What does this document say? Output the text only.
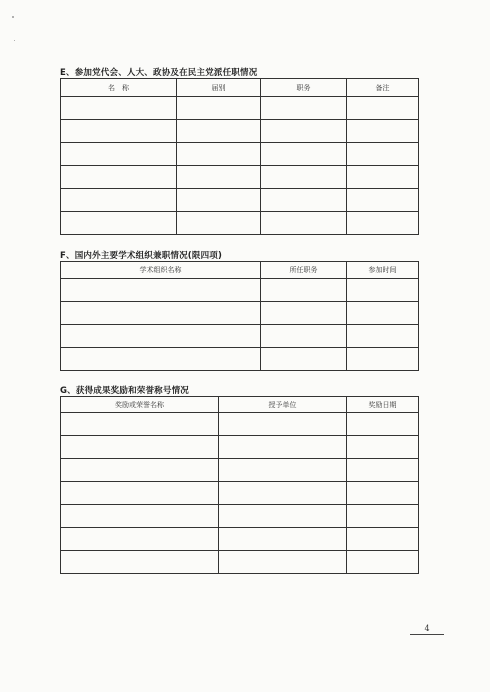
E、参加党代会、人大、政协及在民主党派任职情况
名　称	届别	职务	备注

F、国内外主要学术组织兼职情况(限四项)
学术组织名称	所任职务	参加时间

G、获得成果奖励和荣誉称号情况
奖励或荣誉名称	授予单位	奖励日期

4
